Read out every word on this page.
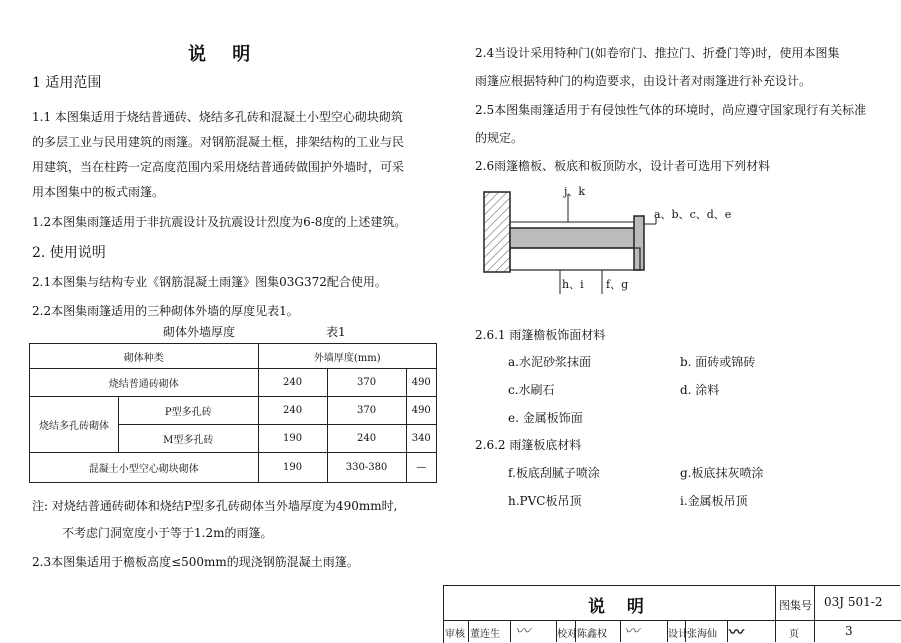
说 明
1 适用范围
1.1 本图集适用于烧结普通砖、烧结多孔砖和混凝土小型空心砌块砌筑
的多层工业与民用建筑的雨篷。对钢筋混凝土框，排架结构的工业与民
用建筑，当在柱跨一定高度范围内采用烧结普通砖做围护外墙时，可采
用本图集中的板式雨篷。
1.2本图集雨篷适用于非抗震设计及抗震设计烈度为6-8度的上述建筑。
2. 使用说明
2.1本图集与结构专业《钢筋混凝土雨篷》图集03G372配合使用。
2.2本图集雨篷适用的三种砌体外墙的厚度见表1。
砌体外墙厚度	表1
砌体种类		外墙厚度(mm)		
烧结普通砖砌体		240	370	490
烧结多孔砖砌体	P型多孔砖	240	370	490
	M型多孔砖	190	240	340
混凝土小型空心砌块砌体		190	330-380	—
注: 对烧结普通砖砌体和烧结P型多孔砖砌体当外墙厚度为490mm时,
不考虑门洞宽度小于等于1.2m的雨篷。
2.3本图集适用于檐板高度≤500mm的现浇钢筋混凝土雨篷。
2.4当设计采用特种门(如卷帘门、推拉门、折叠门等)时，使用本图集
雨篷应根据特种门的构造要求，由设计者对雨篷进行补充设计。
2.5本图集雨篷适用于有侵蚀性气体的环境时，尚应遵守国家现行有关标准
的规定。
2.6雨篷檐板、板底和板顶防水，设计者可选用下列材料
j、k
a、b、c、d、e
h、i f、g
2.6.1 雨篷檐板饰面材料
a.水泥砂浆抹面	b. 面砖或锦砖
c.水刷石	d. 涂料
e. 金属板饰面
2.6.2 雨篷板底材料
f.板底刮腻子喷涂	g.板底抹灰喷涂
h.PVC板吊顶	i.金属板吊顶
说 明	图集号 03J 501-2
审核 董连生 〰	校对 陈鑫权 〰	设计 张海仙 〰	页	3
